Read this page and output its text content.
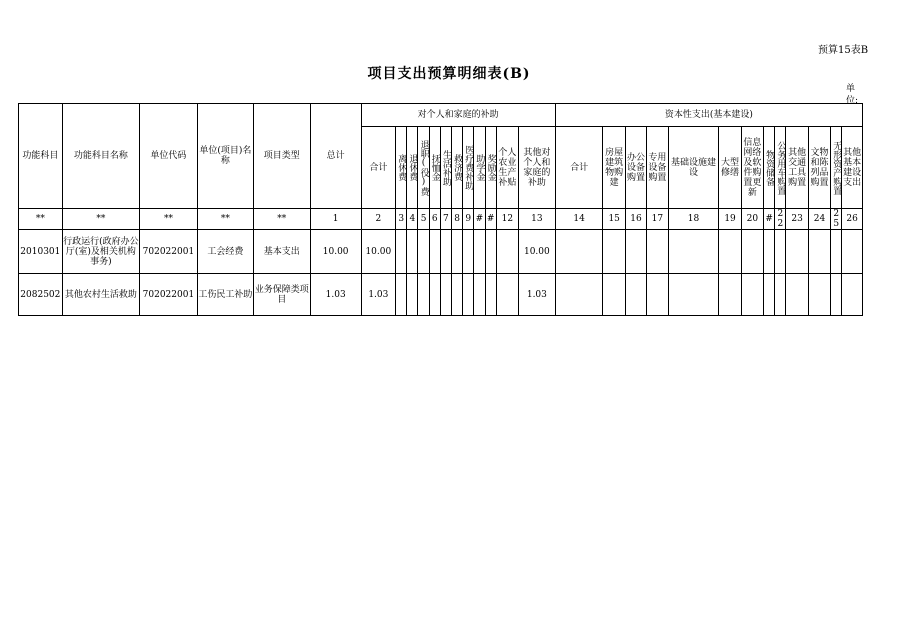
预算15表B
项目支出预算明细表(B)
单位:
功能科目	功能科目名称	单位代码	单位(项目)名称	项目类型	总计	对个人和家庭的补助												资本性支出(基本建设)												
						合计	离休费	退休费	退职(役)费	抚恤金	生活补助	救济费	医疗费补助	助学金	奖励金	个人农业生产补贴	其他对个人和家庭的补助	合计	房屋建筑物购建	办公设备购置	专用设备购置	基础设施建设	大型修缮	信息网络及软件购置更新	物资储备	公务用车购置	其他交通工具购置	文物和陈列品购置	无形资产购置	其他基本建设支出
**	**	**	**	**	1	2	3	4	5	6	7	8	9	#	#	12	13	14	15	16	17	18	19	20	#	22	23	24	25	26
2010301	行政运行(政府办公厅(室)及相关机构事务)	702022001	工会经费	基本支出	10.00	10.00											10.00													
2082502	其他农村生活救助	702022001	工伤民工补助	业务保障类项目	1.03	1.03											1.03													
